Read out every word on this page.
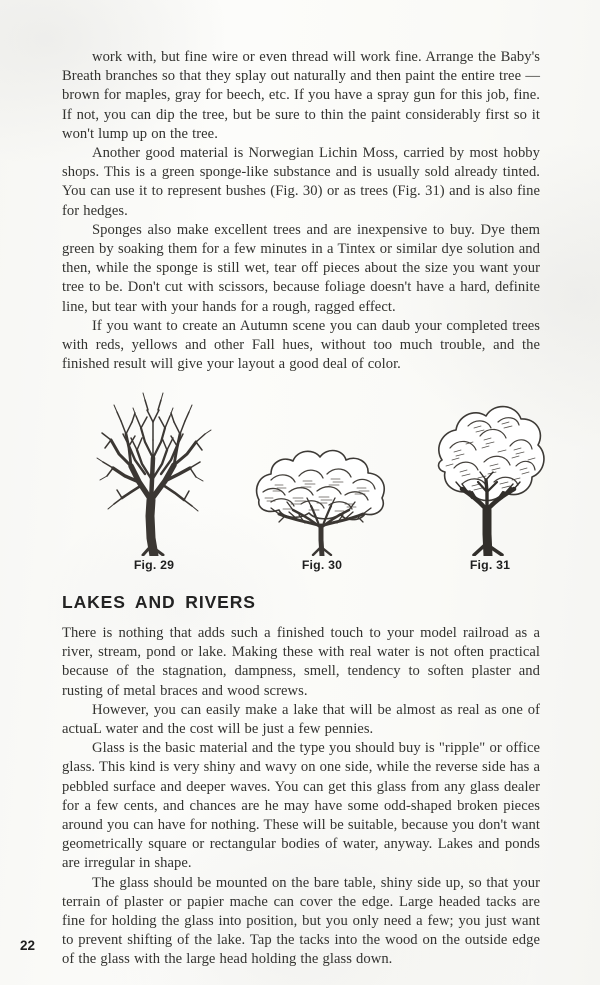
work with, but fine wire or even thread will work fine. Arrange the Baby's Breath branches so that they splay out naturally and then paint the entire tree — brown for maples, gray for beech, etc. If you have a spray gun for this job, fine. If not, you can dip the tree, but be sure to thin the paint considerably first so it won't lump up on the tree.

Another good material is Norwegian Lichin Moss, carried by most hobby shops. This is a green sponge-like substance and is usually sold already tinted. You can use it to represent bushes (Fig. 30) or as trees (Fig. 31) and is also fine for hedges.

Sponges also make excellent trees and are inexpensive to buy. Dye them green by soaking them for a few minutes in a Tintex or similar dye solution and then, while the sponge is still wet, tear off pieces about the size you want your tree to be. Don't cut with scissors, because foliage doesn't have a hard, definite line, but tear with your hands for a rough, ragged effect.

If you want to create an Autumn scene you can daub your completed trees with reds, yellows and other Fall hues, without too much trouble, and the finished result will give your layout a good deal of color.

Fig. 29	Fig. 30	Fig. 31
LAKES AND RIVERS

There is nothing that adds such a finished touch to your model railroad as a river, stream, pond or lake. Making these with real water is not often practical because of the stagnation, dampness, smell, tendency to soften plaster and rusting of metal braces and wood screws.

However, you can easily make a lake that will be almost as real as one of actuaL water and the cost will be just a few pennies.

Glass is the basic material and the type you should buy is "ripple" or office glass. This kind is very shiny and wavy on one side, while the reverse side has a pebbled surface and deeper waves. You can get this glass from any glass dealer for a few cents, and chances are he may have some odd-shaped broken pieces around you can have for nothing. These will be suitable, because you don't want geometrically square or rectangular bodies of water, anyway. Lakes and ponds are irregular in shape.

The glass should be mounted on the bare table, shiny side up, so that your terrain of plaster or papier mache can cover the edge. Large headed tacks are fine for holding the glass into position, but you only need a few; you just want to prevent shifting of the lake. Tap the tacks into the wood on the outside edge of the glass with the large head holding the glass down.

22
